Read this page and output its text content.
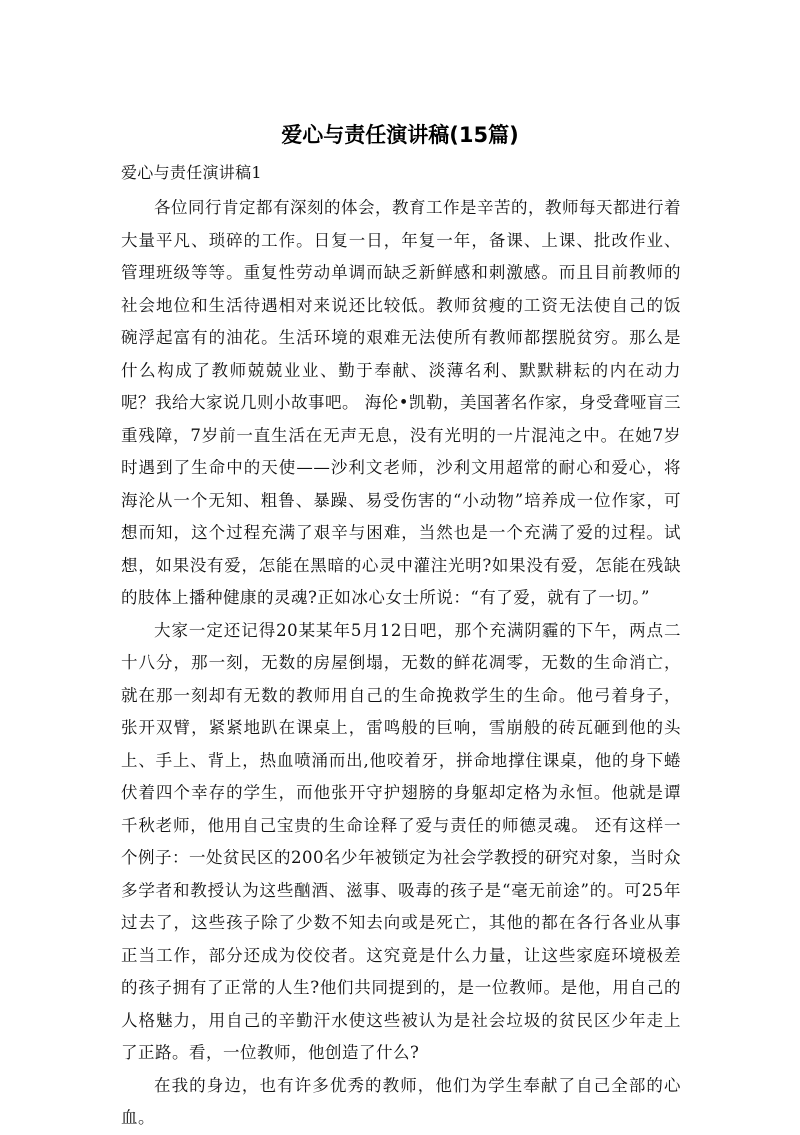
爱心与责任演讲稿(15篇)

爱心与责任演讲稿1

各位同行肯定都有深刻的体会，教育工作是辛苦的，教师每天都进行着大量平凡、琐碎的工作。日复一日，年复一年，备课、上课、批改作业、管理班级等等。重复性劳动单调而缺乏新鲜感和刺激感。而且目前教师的社会地位和生活待遇相对来说还比较低。教师贫瘦的工资无法使自己的饭碗浮起富有的油花。生活环境的艰难无法使所有教师都摆脱贫穷。那么是什么构成了教师兢兢业业、勤于奉献、淡薄名利、默默耕耘的内在动力呢？我给大家说几则小故事吧。 海伦•凯勒，美国著名作家，身受聋哑盲三重残障，7岁前一直生活在无声无息，没有光明的一片混沌之中。在她7岁时遇到了生命中的天使——沙利文老师，沙利文用超常的耐心和爱心，将海沦从一个无知、粗鲁、暴躁、易受伤害的“小动物”培养成一位作家，可想而知，这个过程充满了艰辛与困难，当然也是一个充满了爱的过程。试想，如果没有爱，怎能在黑暗的心灵中灌注光明?如果没有爱，怎能在残缺的肢体上播种健康的灵魂?正如冰心女士所说：“有了爱，就有了一切。”

大家一定还记得20某某年5月12日吧，那个充满阴霾的下午，两点二十八分，那一刻，无数的房屋倒塌，无数的鲜花凋零，无数的生命消亡，就在那一刻却有无数的教师用自己的生命挽救学生的生命。他弓着身子，张开双臂，紧紧地趴在课桌上，雷鸣般的巨响，雪崩般的砖瓦砸到他的头上、手上、背上，热血喷涌而出,他咬着牙，拼命地撑住课桌，他的身下蜷伏着四个幸存的学生，而他张开守护翅膀的身躯却定格为永恒。他就是谭千秋老师，他用自己宝贵的生命诠释了爱与责任的师德灵魂。 还有这样一个例子：一处贫民区的200名少年被锁定为社会学教授的研究对象，当时众多学者和教授认为这些酗酒、滋事、吸毒的孩子是“毫无前途”的。可25年过去了，这些孩子除了少数不知去向或是死亡，其他的都在各行各业从事正当工作，部分还成为佼佼者。这究竟是什么力量，让这些家庭环境极差的孩子拥有了正常的人生?他们共同提到的，是一位教师。是他，用自己的人格魅力，用自己的辛勤汗水使这些被认为是社会垃圾的贫民区少年走上了正路。看，一位教师，他创造了什么?

在我的身边，也有许多优秀的教师，他们为学生奉献了自己全部的心血。
